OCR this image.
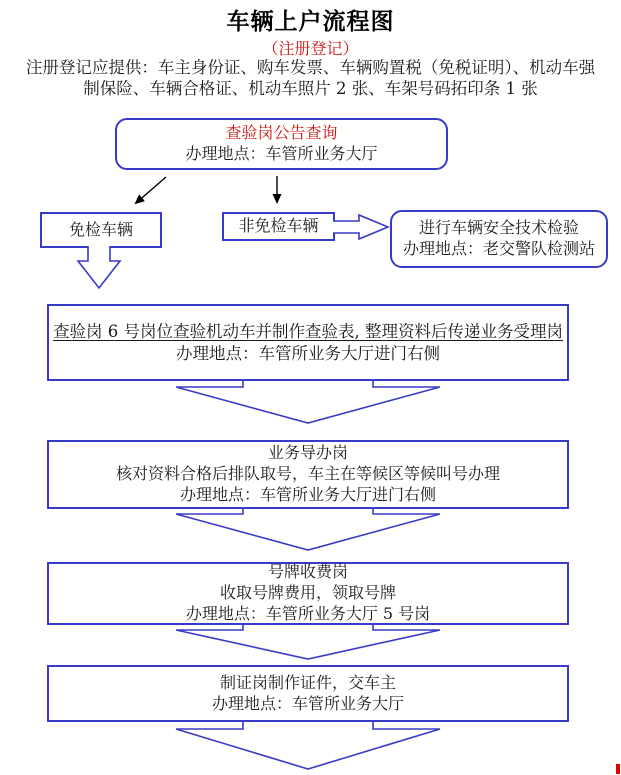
车辆上户流程图
（注册登记）
注册登记应提供：车主身份证、购车发票、车辆购置税（免税证明）、机动车强
制保险、车辆合格证、机动车照片 2 张、车架号码拓印条 1 张
查验岗公告查询
办理地点：车管所业务大厅
免检车辆	非免检车辆	进行车辆安全技术检验
办理地点：老交警队检测站
查验岗 6 号岗位查验机动车并制作查验表, 整理资料后传递业务受理岗
办理地点：车管所业务大厅进门右侧
业务导办岗
核对资料合格后排队取号，车主在等候区等候叫号办理
办理地点：车管所业务大厅进门右侧
号牌收费岗
收取号牌费用，领取号牌
办理地点：车管所业务大厅 5 号岗
制证岗制作证件，交车主
办理地点：车管所业务大厅
